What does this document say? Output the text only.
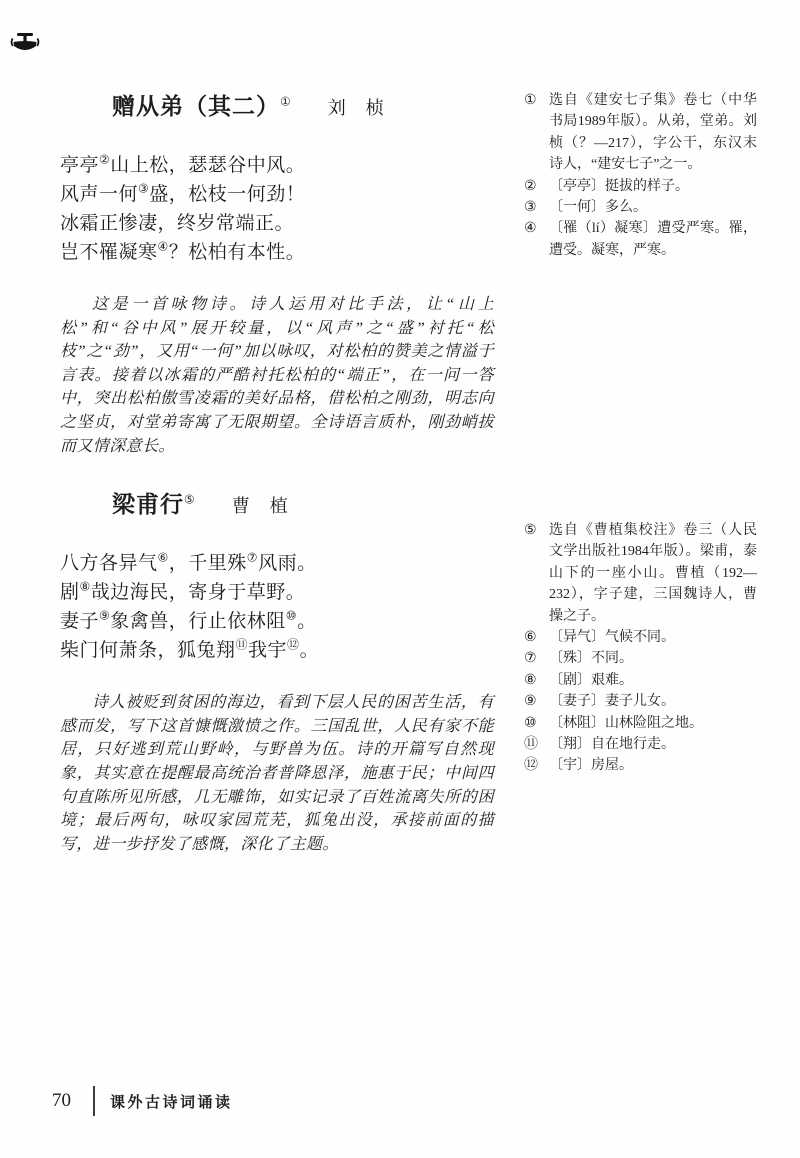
赠从弟（其二）① 刘　桢
亭亭②山上松，瑟瑟谷中风。
风声一何③盛，松枝一何劲！
冰霜正惨凄，终岁常端正。
岂不罹凝寒④？松柏有本性。

这是一首咏物诗。诗人运用对比手法，让“山上松”和“谷中风”展开较量，以“风声”之“盛”衬托“松枝”之“劲”，又用“一何”加以咏叹，对松柏的赞美之情溢于言表。接着以冰霜的严酷衬托松柏的“端正”，在一问一答中，突出松柏傲雪凌霜的美好品格，借松柏之刚劲，明志向之坚贞，对堂弟寄寓了无限期望。全诗语言质朴，刚劲峭拔而又情深意长。

梁甫行⑤ 曹　植
八方各异气⑥，千里殊⑦风雨。
剧⑧哉边海民，寄身于草野。
妻子⑨象禽兽，行止依林阻⑩。
柴门何萧条，狐兔翔⑪我宇⑫。

诗人被贬到贫困的海边，看到下层人民的困苦生活，有感而发，写下这首慷慨激愤之作。三国乱世，人民有家不能居，只好逃到荒山野岭，与野兽为伍。诗的开篇写自然现象，其实意在提醒最高统治者普降恩泽，施惠于民；中间四句直陈所见所感，几无雕饰，如实记录了百姓流离失所的困境；最后两句，咏叹家园荒芜，狐兔出没，承接前面的描写，进一步抒发了感慨，深化了主题。

① 选自《建安七子集》卷七（中华书局1989年版）。从弟，堂弟。刘桢（？—217），字公干，东汉末诗人，“建安七子”之一。
② 〔亭亭〕挺拔的样子。
③ 〔一何〕多么。
④ 〔罹（lí）凝寒〕遭受严寒。罹，遭受。凝寒，严寒。
⑤ 选自《曹植集校注》卷三（人民文学出版社1984年版）。梁甫，泰山下的一座小山。曹植（192—232），字子建，三国魏诗人，曹操之子。
⑥ 〔异气〕气候不同。
⑦ 〔殊〕不同。
⑧ 〔剧〕艰难。
⑨ 〔妻子〕妻子儿女。
⑩ 〔林阻〕山林险阻之地。
⑪ 〔翔〕自在地行走。
⑫ 〔宇〕房屋。
70	课外古诗词诵读
